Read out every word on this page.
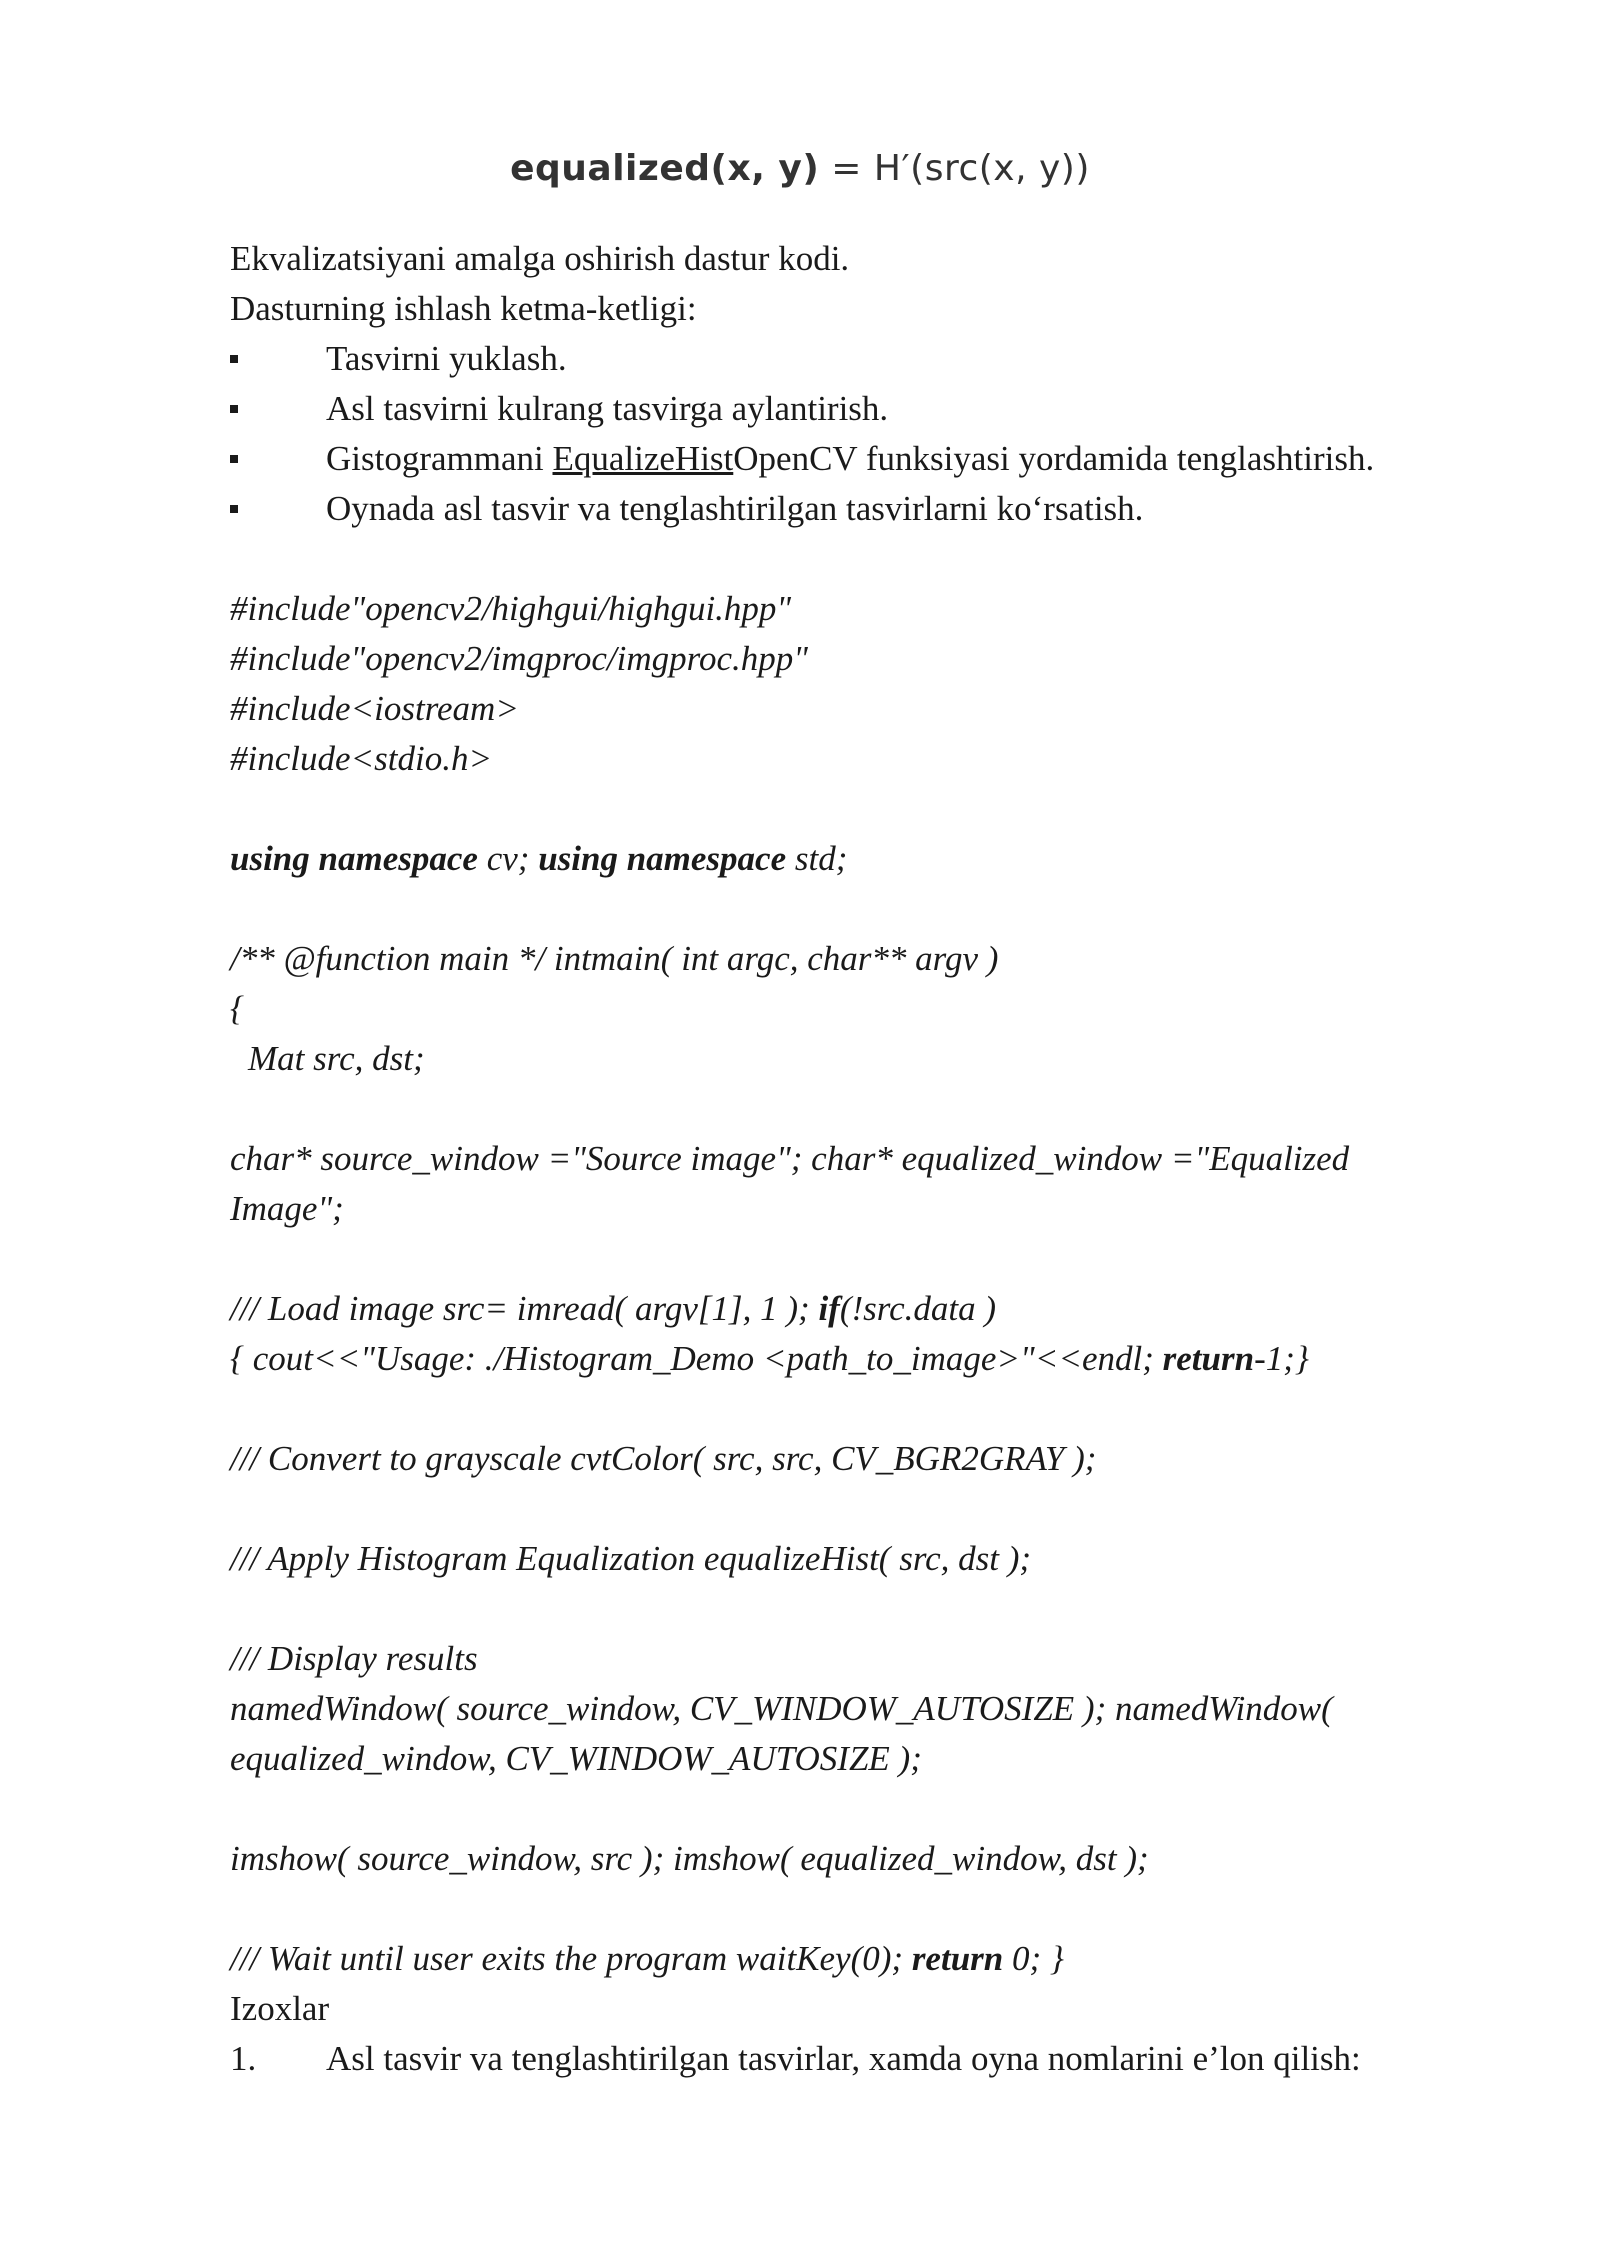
equalized(x, y) = H′(src(x, y))
Ekvalizatsiyani amalga oshirish dastur kodi.
Dasturning ishlash ketma-ketligi:
Tasvirni yuklash.
Asl tasvirni kulrang tasvirga aylantirish.
Gistogrammani EqualizeHistOpenCV funksiyasi yordamida tenglashtirish.
Oynada asl tasvir va tenglashtirilgan tasvirlarni ko‘rsatish.
#include"opencv2/highgui/highgui.hpp"
#include"opencv2/imgproc/imgproc.hpp"
#include<iostream>
#include<stdio.h>
using namespace cv; using namespace std;
/** @function main */ intmain( int argc, char** argv )
{
Mat src, dst;
char* source_window ="Source image"; char* equalized_window ="Equalized
Image";
/// Load image src= imread( argv[1], 1 ); if(!src.data )
{ cout<<"Usage: ./Histogram_Demo <path_to_image>"<<endl; return-1;}
/// Convert to grayscale cvtColor( src, src, CV_BGR2GRAY );
/// Apply Histogram Equalization equalizeHist( src, dst );
/// Display results
namedWindow( source_window, CV_WINDOW_AUTOSIZE ); namedWindow(
equalized_window, CV_WINDOW_AUTOSIZE );
imshow( source_window, src ); imshow( equalized_window, dst );
/// Wait until user exits the program waitKey(0); return 0; }
Izoxlar
1. Asl tasvir va tenglashtirilgan tasvirlar, xamda oyna nomlarini e’lon qilish:
